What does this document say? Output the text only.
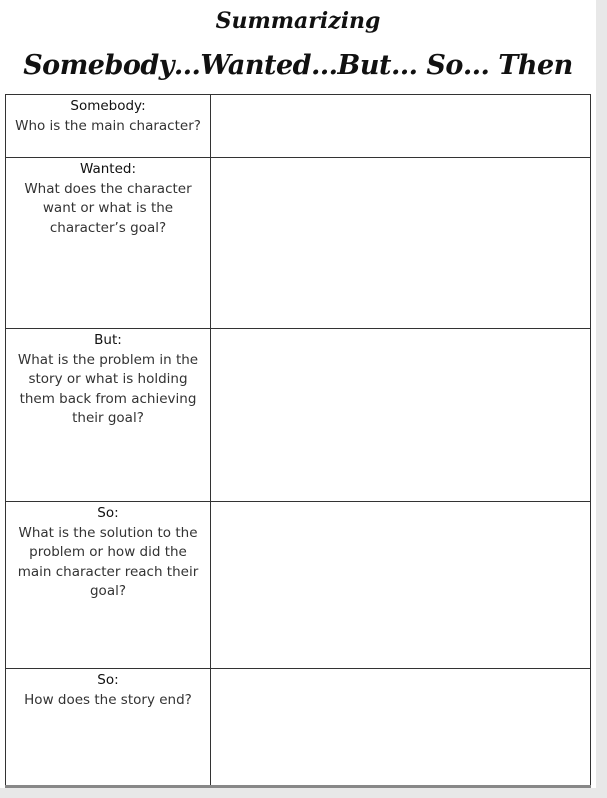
Summarizing
Somebody…Wanted…But… So… Then
Somebody:
Who is the main character?	

Wanted:
What does the character want or what is the character’s goal?	

But:
What is the problem in the story or what is holding them back from achieving their goal?	

So:
What is the solution to the problem or how did the main character reach their goal?	

So:
How does the story end?	
